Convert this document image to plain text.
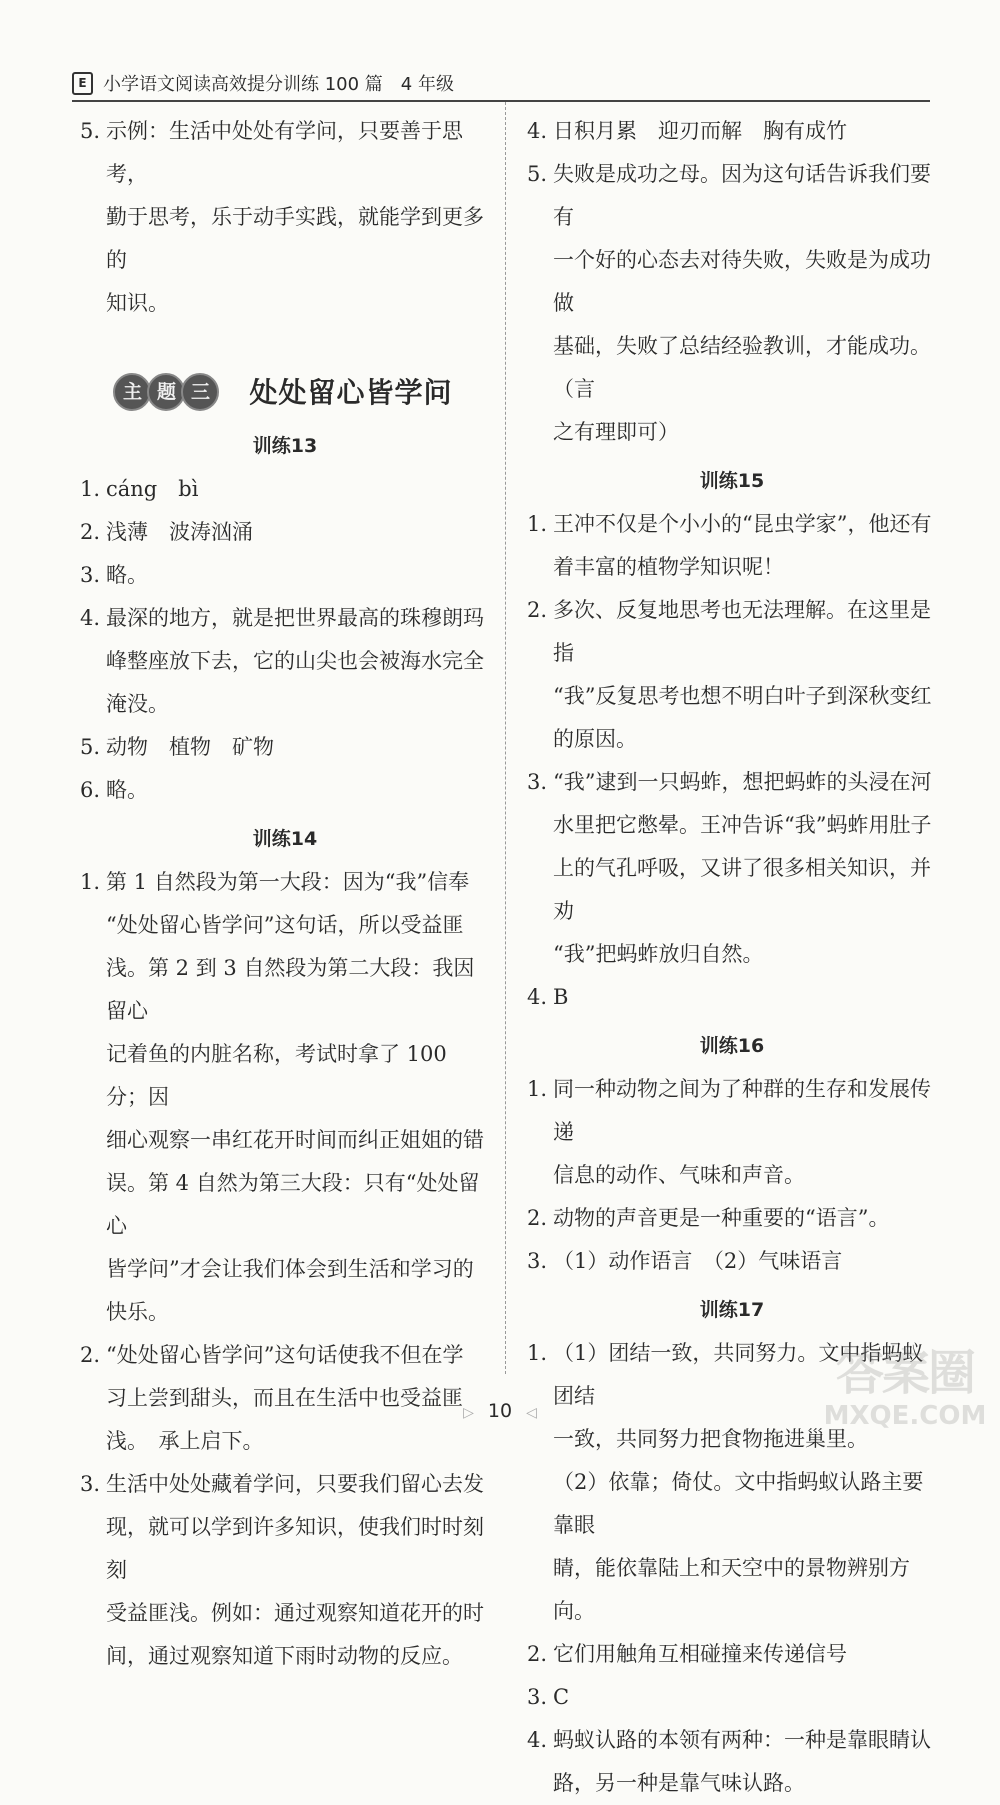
E 小学语文阅读高效提分训练 100 篇　4 年级
5. 示例：生活中处处有学问，只要善于思考，
勤于思考，乐于动手实践，就能学到更多的
知识。
主 题 三	处处留心皆学问
训练13
1. cáng　bì
2. 浅薄　波涛汹涌
3. 略。
4. 最深的地方，就是把世界最高的珠穆朗玛
峰整座放下去，它的山尖也会被海水完全
淹没。
5. 动物　植物　矿物
6. 略。
训练14
1. 第 1 自然段为第一大段：因为“我”信奉
“处处留心皆学问”这句话，所以受益匪
浅。第 2 到 3 自然段为第二大段：我因留心
记着鱼的内脏名称，考试时拿了 100 分；因
细心观察一串红花开时间而纠正姐姐的错
误。第 4 自然为第三大段：只有“处处留心
皆学问”才会让我们体会到生活和学习的
快乐。
2. “处处留心皆学问”这句话使我不但在学
习上尝到甜头，而且在生活中也受益匪
浅。　承上启下。
3. 生活中处处藏着学问，只要我们留心去发
现，就可以学到许多知识，使我们时时刻刻
受益匪浅。例如：通过观察知道花开的时
间，通过观察知道下雨时动物的反应。
4. 日积月累　迎刃而解　胸有成竹
5. 失败是成功之母。因为这句话告诉我们要有
一个好的心态去对待失败，失败是为成功做
基础，失败了总结经验教训，才能成功。（言
之有理即可）
训练15
1. 王冲不仅是个小小的“昆虫学家”，他还有
着丰富的植物学知识呢！
2. 多次、反复地思考也无法理解。在这里是指
“我”反复思考也想不明白叶子到深秋变红
的原因。
3. “我”逮到一只蚂蚱，想把蚂蚱的头浸在河
水里把它憋晕。王冲告诉“我”蚂蚱用肚子
上的气孔呼吸，又讲了很多相关知识，并劝
“我”把蚂蚱放归自然。
4. B
训练16
1. 同一种动物之间为了种群的生存和发展传递
信息的动作、气味和声音。
2. 动物的声音更是一种重要的“语言”。
3. （1）动作语言　（2）气味语言
训练17
1. （1）团结一致，共同努力。文中指蚂蚁团结
一致，共同努力把食物拖进巢里。
（2）依靠；倚仗。文中指蚂蚁认路主要靠眼
睛，能依靠陆上和天空中的景物辨别方向。
2. 它们用触角互相碰撞来传递信号
3. C
4. 蚂蚁认路的本领有两种：一种是靠眼睛认
路，另一种是靠气味认路。
▷ 10 ◁
答案圈
MXQE.COM
